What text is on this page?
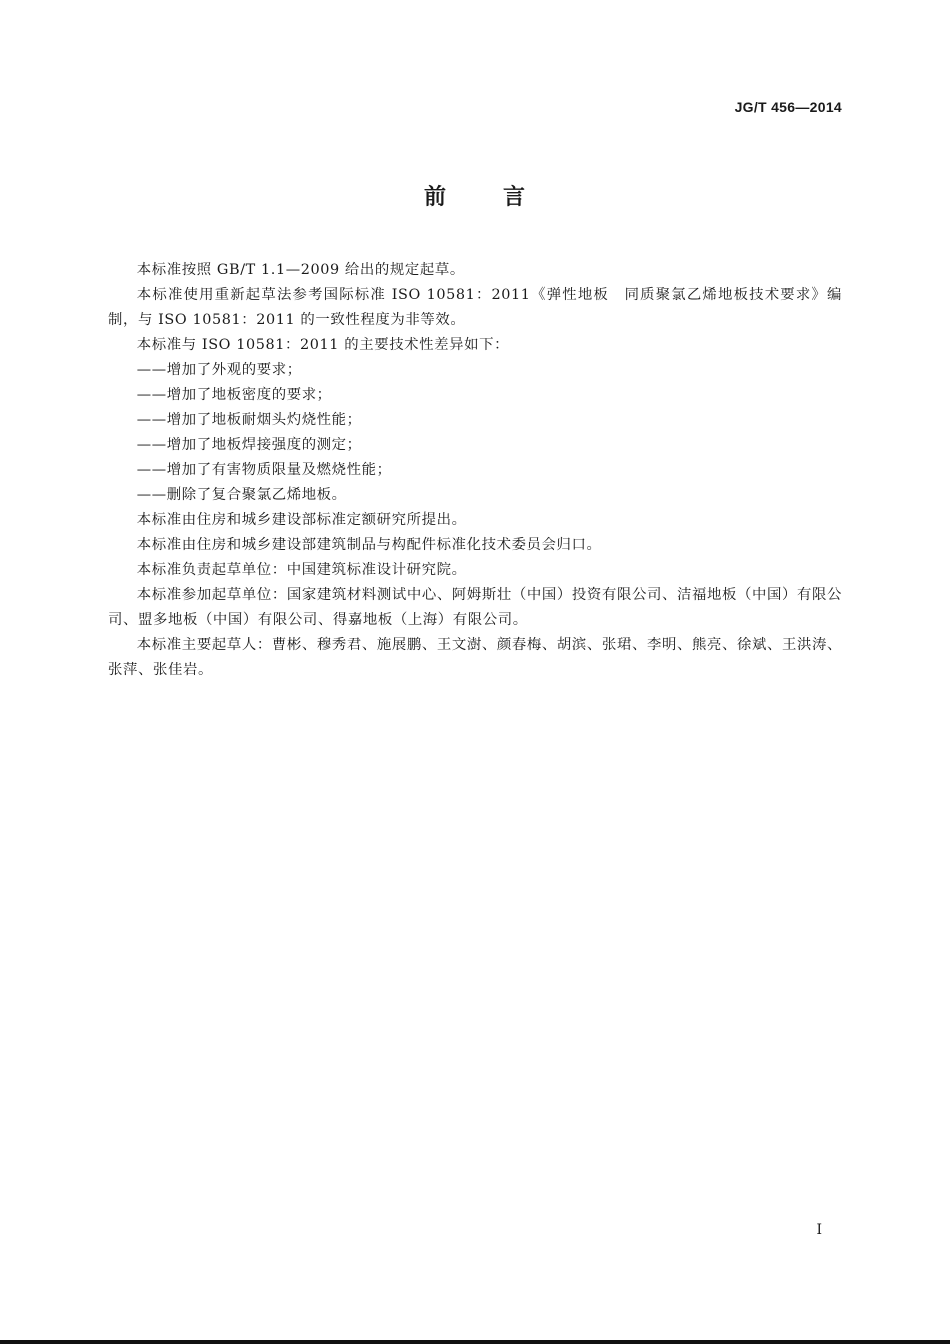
JG/T 456—2014
前	言

本标准按照 GB/T 1.1—2009 给出的规定起草。

本标准使用重新起草法参考国际标准 ISO 10581：2011《弹性地板　同质聚氯乙烯地板技术要求》编制，与 ISO 10581：2011 的一致性程度为非等效。

本标准与 ISO 10581：2011 的主要技术性差异如下：

——增加了外观的要求；

——增加了地板密度的要求；

——增加了地板耐烟头灼烧性能；

——增加了地板焊接强度的测定；

——增加了有害物质限量及燃烧性能；

——删除了复合聚氯乙烯地板。

本标准由住房和城乡建设部标准定额研究所提出。

本标准由住房和城乡建设部建筑制品与构配件标准化技术委员会归口。

本标准负责起草单位：中国建筑标准设计研究院。

本标准参加起草单位：国家建筑材料测试中心、阿姆斯壮（中国）投资有限公司、洁福地板（中国）有限公司、盟多地板（中国）有限公司、得嘉地板（上海）有限公司。

本标准主要起草人：曹彬、穆秀君、施展鹏、王文澍、颜春梅、胡滨、张珺、李明、熊亮、徐斌、王洪涛、张萍、张佳岩。

I
